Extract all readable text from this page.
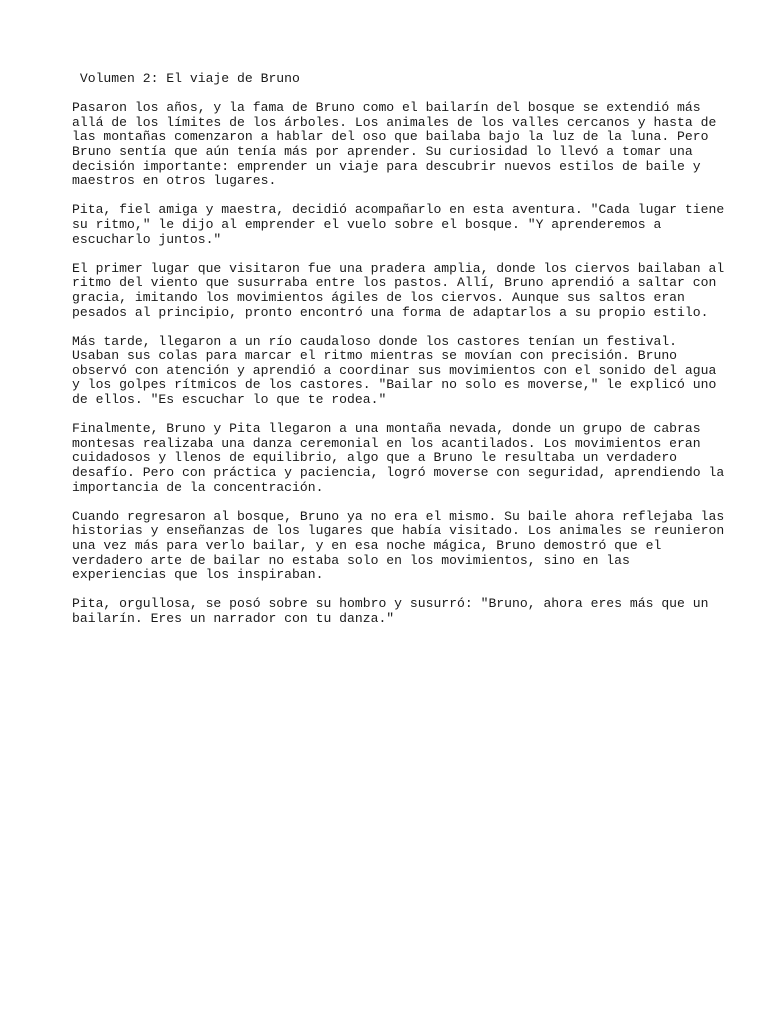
Volumen 2: El viaje de Bruno
Pasaron los años, y la fama de Bruno como el bailarín del bosque se extendió más
allá de los límites de los árboles. Los animales de los valles cercanos y hasta de
las montañas comenzaron a hablar del oso que bailaba bajo la luz de la luna. Pero
Bruno sentía que aún tenía más por aprender. Su curiosidad lo llevó a tomar una
decisión importante: emprender un viaje para descubrir nuevos estilos de baile y
maestros en otros lugares.
Pita, fiel amiga y maestra, decidió acompañarlo en esta aventura. "Cada lugar tiene
su ritmo," le dijo al emprender el vuelo sobre el bosque. "Y aprenderemos a
escucharlo juntos."
El primer lugar que visitaron fue una pradera amplia, donde los ciervos bailaban al
ritmo del viento que susurraba entre los pastos. Allí, Bruno aprendió a saltar con
gracia, imitando los movimientos ágiles de los ciervos. Aunque sus saltos eran
pesados al principio, pronto encontró una forma de adaptarlos a su propio estilo.
Más tarde, llegaron a un río caudaloso donde los castores tenían un festival.
Usaban sus colas para marcar el ritmo mientras se movían con precisión. Bruno
observó con atención y aprendió a coordinar sus movimientos con el sonido del agua
y los golpes rítmicos de los castores. "Bailar no solo es moverse," le explicó uno
de ellos. "Es escuchar lo que te rodea."
Finalmente, Bruno y Pita llegaron a una montaña nevada, donde un grupo de cabras
montesas realizaba una danza ceremonial en los acantilados. Los movimientos eran
cuidadosos y llenos de equilibrio, algo que a Bruno le resultaba un verdadero
desafío. Pero con práctica y paciencia, logró moverse con seguridad, aprendiendo la
importancia de la concentración.
Cuando regresaron al bosque, Bruno ya no era el mismo. Su baile ahora reflejaba las
historias y enseñanzas de los lugares que había visitado. Los animales se reunieron
una vez más para verlo bailar, y en esa noche mágica, Bruno demostró que el
verdadero arte de bailar no estaba solo en los movimientos, sino en las
experiencias que los inspiraban.
Pita, orgullosa, se posó sobre su hombro y susurró: "Bruno, ahora eres más que un
bailarín. Eres un narrador con tu danza."
